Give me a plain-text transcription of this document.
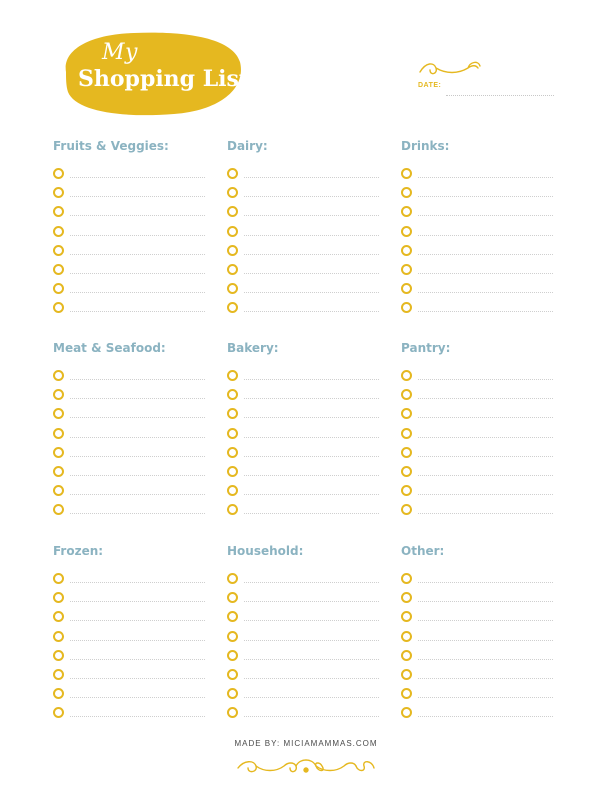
My
Shopping List	DATE:
Fruits & Veggies:	Dairy:	Drinks:
Meat & Seafood:	Bakery:	Pantry:
Frozen:	Household:	Other:
MADE BY: MICIAMAMMAS.COM
